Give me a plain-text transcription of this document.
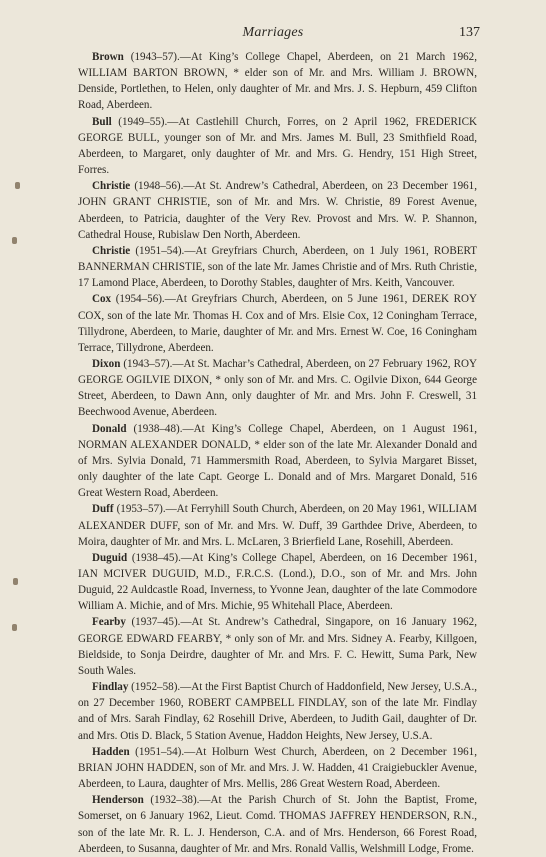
Marriages	137

Brown (1943–57).—At King’s College Chapel, Aberdeen, on 21 March 1962, WILLIAM BARTON BROWN, * elder son of Mr. and Mrs. William J. BROWN, Denside, Portlethen, to Helen, only daughter of Mr. and Mrs. J. S. Hepburn, 459 Clifton Road, Aberdeen.

Bull (1949–55).—At Castlehill Church, Forres, on 2 April 1962, FREDERICK GEORGE BULL, younger son of Mr. and Mrs. James M. Bull, 23 Smithfield Road, Aberdeen, to Margaret, only daughter of Mr. and Mrs. G. Hendry, 151 High Street, Forres.

Christie (1948–56).—At St. Andrew’s Cathedral, Aberdeen, on 23 December 1961, JOHN GRANT CHRISTIE, son of Mr. and Mrs. W. Christie, 89 Forest Avenue, Aberdeen, to Patricia, daughter of the Very Rev. Provost and Mrs. W. P. Shannon, Cathedral House, Rubislaw Den North, Aberdeen.

Christie (1951–54).—At Greyfriars Church, Aberdeen, on 1 July 1961, ROBERT BANNERMAN CHRISTIE, son of the late Mr. James Christie and of Mrs. Ruth Christie, 17 Lamond Place, Aberdeen, to Dorothy Stables, daughter of Mrs. Keith, Vancouver.

Cox (1954–56).—At Greyfriars Church, Aberdeen, on 5 June 1961, DEREK ROY COX, son of the late Mr. Thomas H. Cox and of Mrs. Elsie Cox, 12 Coningham Terrace, Tillydrone, Aberdeen, to Marie, daughter of Mr. and Mrs. Ernest W. Coe, 16 Coningham Terrace, Tillydrone, Aberdeen.

Dixon (1943–57).—At St. Machar’s Cathedral, Aberdeen, on 27 February 1962, ROY GEORGE OGILVIE DIXON, * only son of Mr. and Mrs. C. Ogilvie Dixon, 644 George Street, Aberdeen, to Dawn Ann, only daughter of Mr. and Mrs. John F. Creswell, 31 Beechwood Avenue, Aberdeen.

Donald (1938–48).—At King’s College Chapel, Aberdeen, on 1 August 1961, NORMAN ALEXANDER DONALD, * elder son of the late Mr. Alexander Donald and of Mrs. Sylvia Donald, 71 Hammersmith Road, Aberdeen, to Sylvia Margaret Bisset, only daughter of the late Capt. George L. Donald and of Mrs. Margaret Donald, 516 Great Western Road, Aberdeen.

Duff (1953–57).—At Ferryhill South Church, Aberdeen, on 20 May 1961, WILLIAM ALEXANDER DUFF, son of Mr. and Mrs. W. Duff, 39 Garthdee Drive, Aberdeen, to Moira, daughter of Mr. and Mrs. L. McLaren, 3 Brierfield Lane, Rosehill, Aberdeen.

Duguid (1938–45).—At King’s College Chapel, Aberdeen, on 16 December 1961, IAN MCIVER DUGUID, M.D., F.R.C.S. (Lond.), D.O., son of Mr. and Mrs. John Duguid, 22 Auldcastle Road, Inverness, to Yvonne Jean, daughter of the late Commodore William A. Michie, and of Mrs. Michie, 95 Whitehall Place, Aberdeen.

Fearby (1937–45).—At St. Andrew’s Cathedral, Singapore, on 16 January 1962, GEORGE EDWARD FEARBY, * only son of Mr. and Mrs. Sidney A. Fearby, Killgoen, Bieldside, to Sonja Deirdre, daughter of Mr. and Mrs. F. C. Hewitt, Suma Park, New South Wales.

Findlay (1952–58).—At the First Baptist Church of Haddonfield, New Jersey, U.S.A., on 27 December 1960, ROBERT CAMPBELL FINDLAY, son of the late Mr. Findlay and of Mrs. Sarah Findlay, 62 Rosehill Drive, Aberdeen, to Judith Gail, daughter of Dr. and Mrs. Otis D. Black, 5 Station Avenue, Haddon Heights, New Jersey, U.S.A.

Hadden (1951–54).—At Holburn West Church, Aberdeen, on 2 December 1961, BRIAN JOHN HADDEN, son of Mr. and Mrs. J. W. Hadden, 41 Craigiebuckler Avenue, Aberdeen, to Laura, daughter of Mrs. Mellis, 286 Great Western Road, Aberdeen.

Henderson (1932–38).—At the Parish Church of St. John the Baptist, Frome, Somerset, on 6 January 1962, Lieut. Comd. THOMAS JAFFREY HENDERSON, R.N., son of the late Mr. R. L. J. Henderson, C.A. and of Mrs. Henderson, 66 Forest Road, Aberdeen, to Susanna, daughter of Mr. and Mrs. Ronald Vallis, Welshmill Lodge, Frome.
